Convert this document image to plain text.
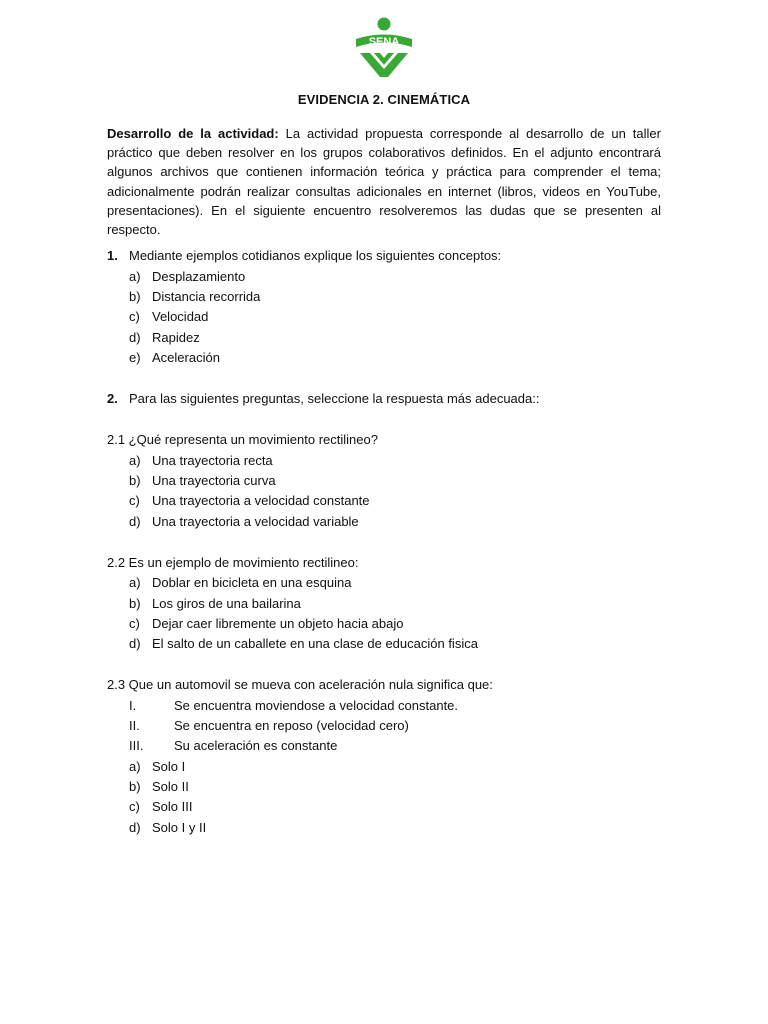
SENA
EVIDENCIA 2. CINEMÁTICA

Desarrollo de la actividad: La actividad propuesta corresponde al desarrollo de un taller práctico que deben resolver en los grupos colaborativos definidos. En el adjunto encontrará algunos archivos que contienen información teórica y práctica para comprender el tema; adicionalmente podrán realizar consultas adicionales en internet (libros, videos en YouTube, presentaciones). En el siguiente encuentro resolveremos las dudas que se presenten al respecto.

1. Mediante ejemplos cotidianos explique los siguientes conceptos:
a) Desplazamiento
b) Distancia recorrida
c) Velocidad
d) Rapidez
e) Aceleración
2. Para las siguientes preguntas, seleccione la respuesta más adecuada::
2.1 ¿Qué representa un movimiento rectilineo?
a) Una trayectoria recta
b) Una trayectoria curva
c) Una trayectoria a velocidad constante
d) Una trayectoria a velocidad variable
2.2 Es un ejemplo de movimiento rectilineo:
a) Doblar en bicicleta en una esquina
b) Los giros de una bailarina
c) Dejar caer libremente un objeto hacia abajo
d) El salto de un caballete en una clase de educación fisica
2.3 Que un automovil se mueva con aceleración nula significa que:
I.	Se encuentra moviendose a velocidad constante.
II.	Se encuentra en reposo (velocidad cero)
III. Su aceleración es constante
a) Solo I
b) Solo II
c) Solo III
d) Solo I y II
